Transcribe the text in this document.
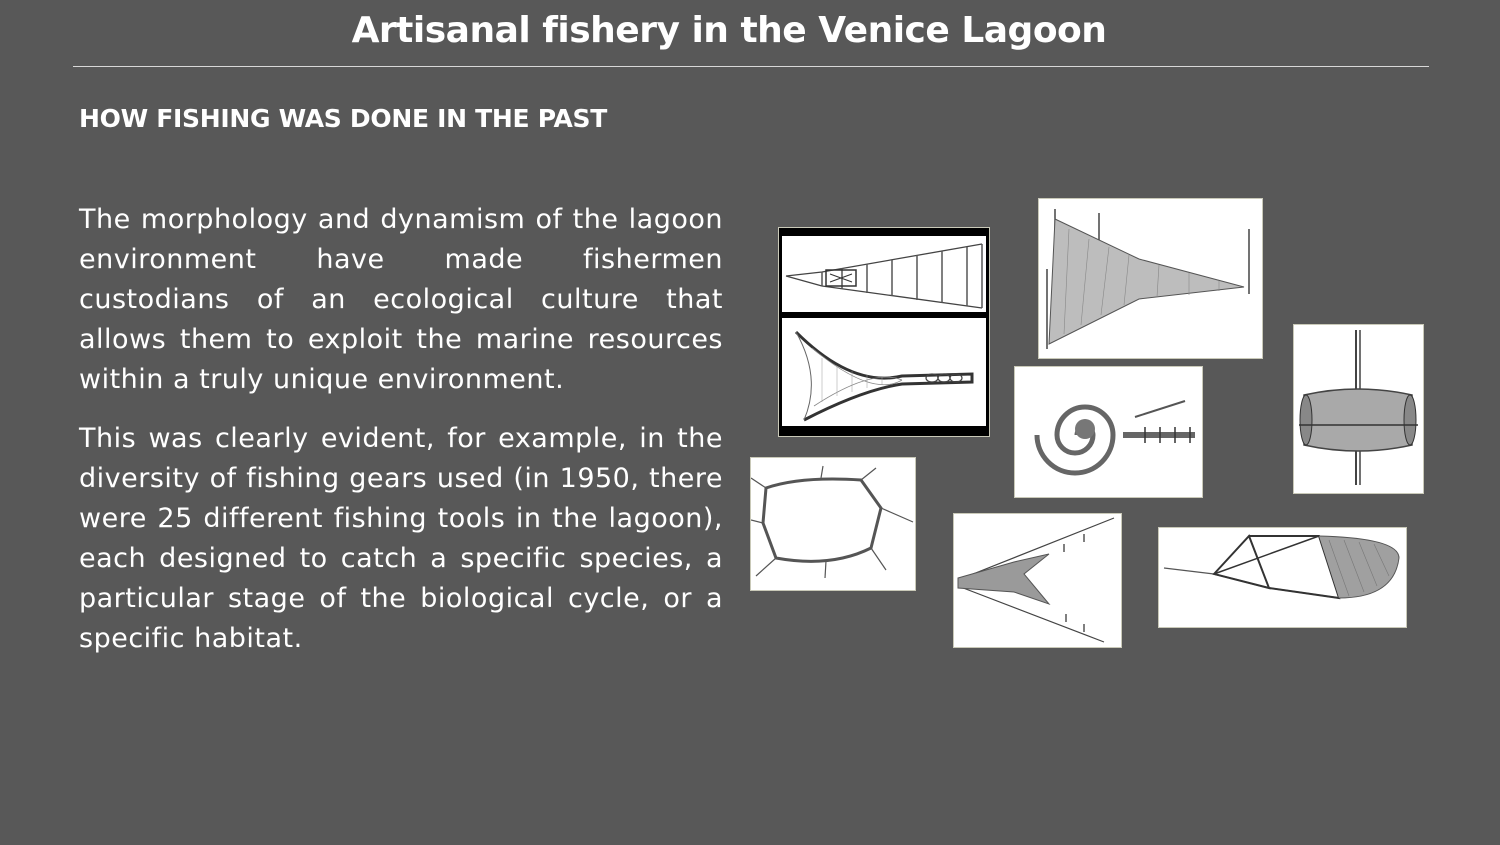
Artisanal fishery in the Venice Lagoon
HOW FISHING WAS DONE IN THE PAST
The morphology and dynamism of the lagoon environment have made fishermen custodians of an ecological culture that allows them to exploit the marine resources within a truly unique environment.
This was clearly evident, for example, in the diversity of fishing gears used (in 1950, there were 25 different fishing tools in the lagoon), each designed to catch a specific species, a particular stage of the biological cycle, or a specific habitat.
